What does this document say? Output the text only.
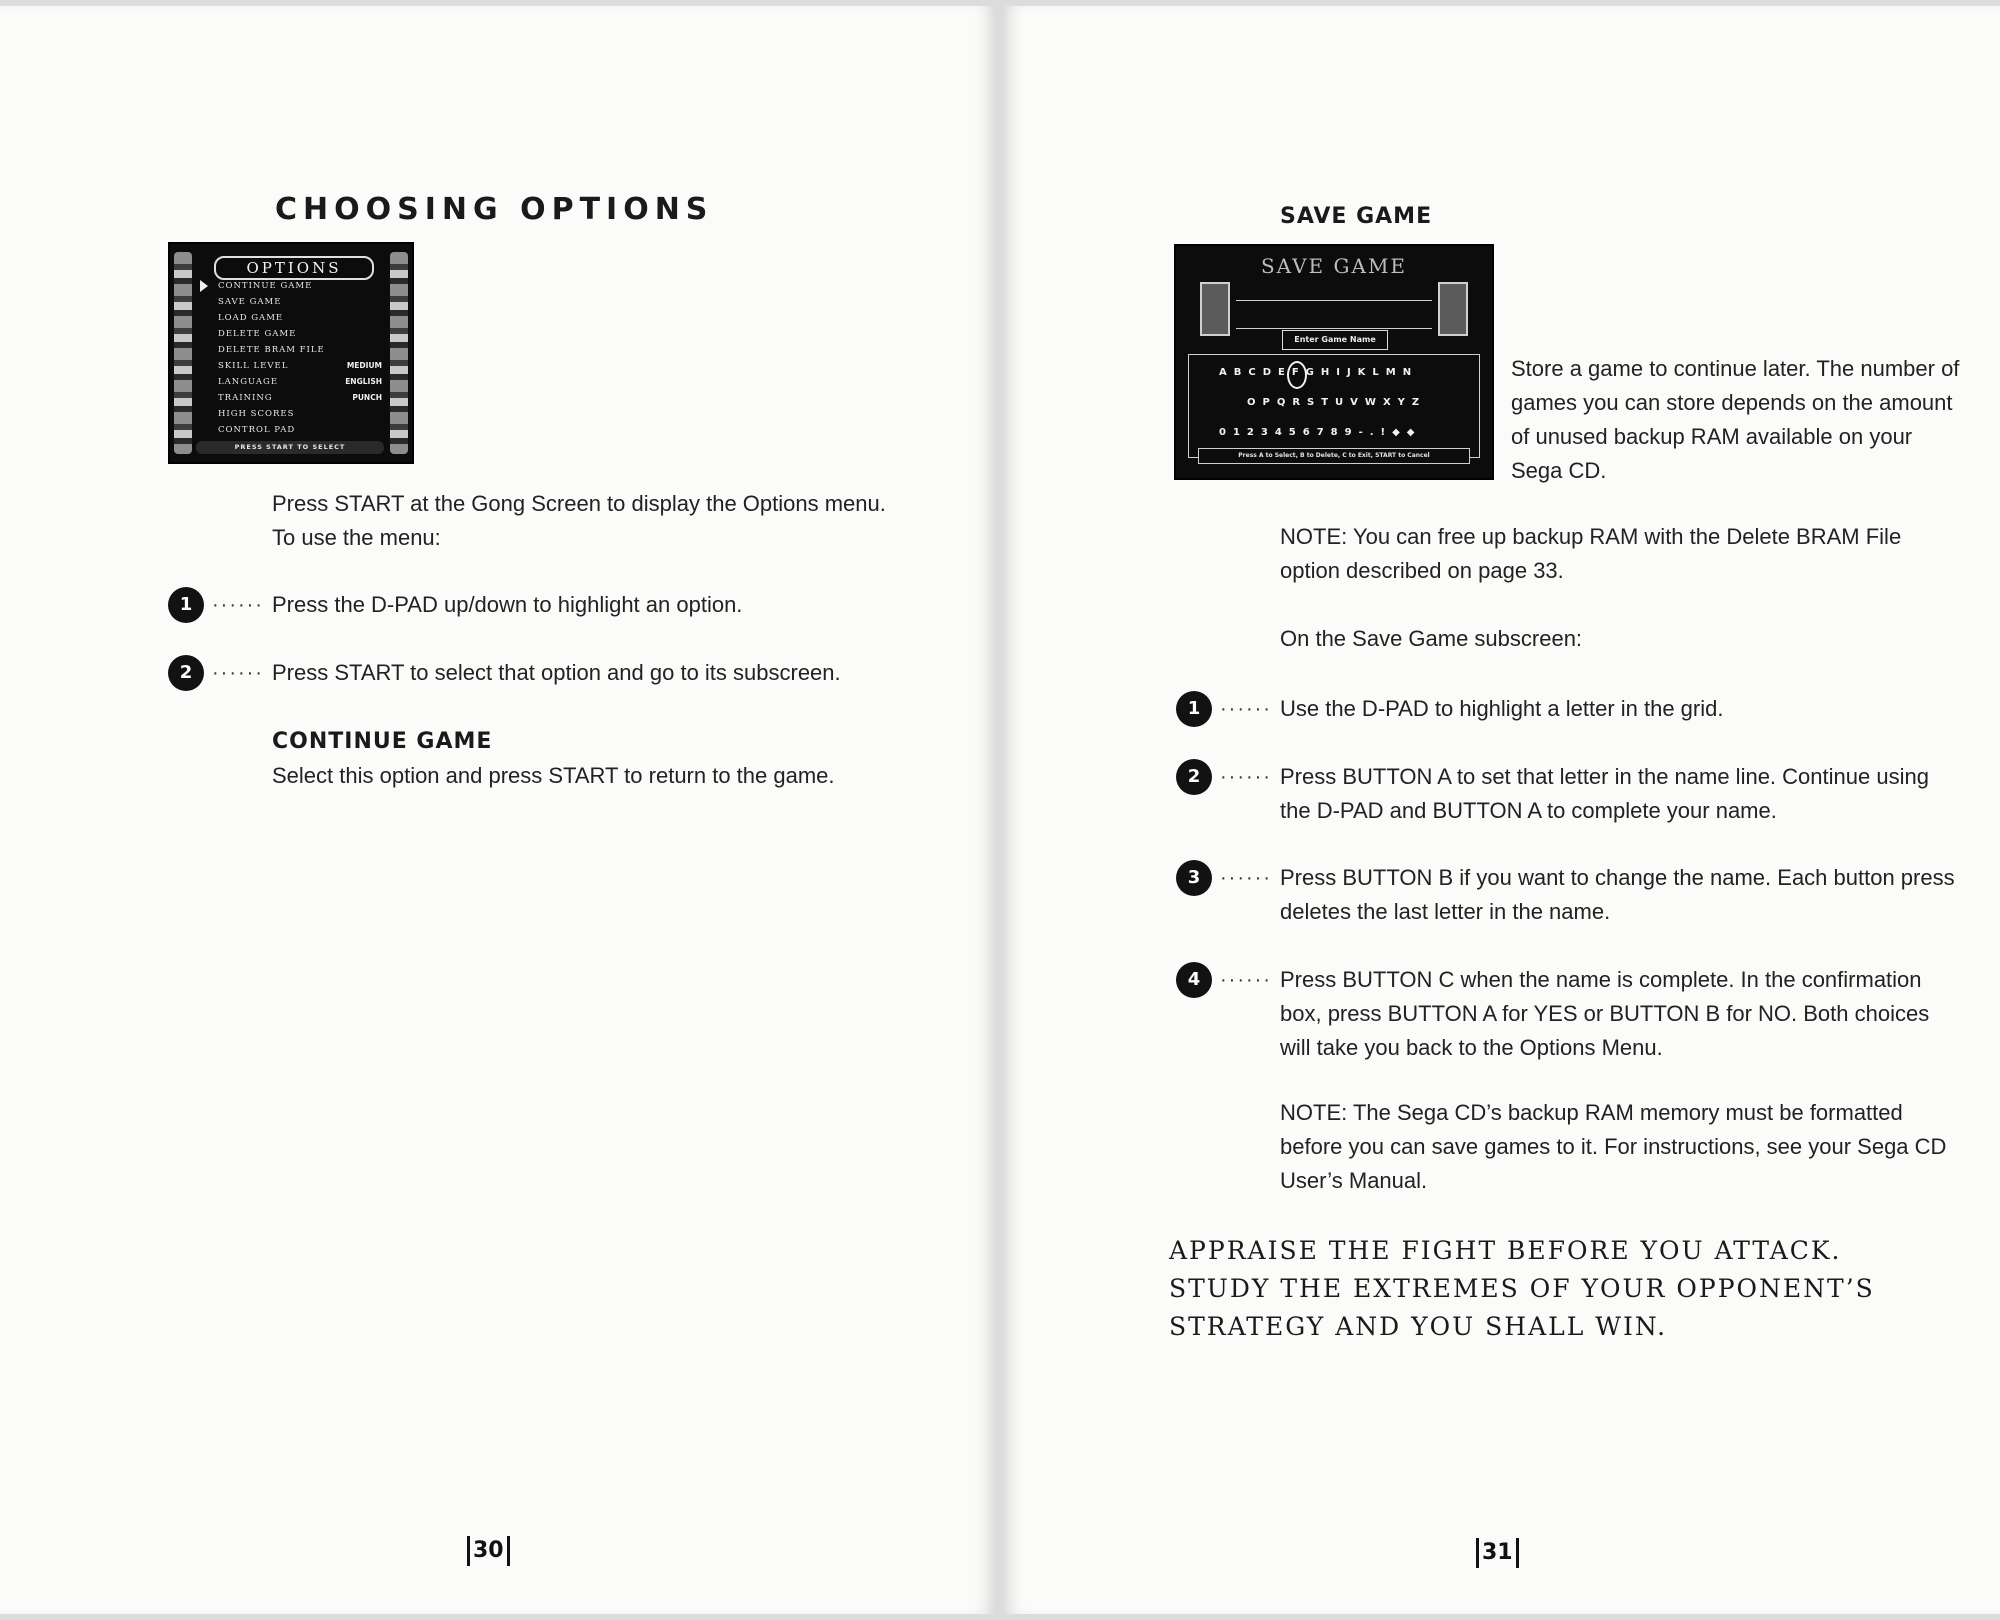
CHOOSING OPTIONS
OPTIONS
CONTINUE GAME
SAVE GAME
LOAD GAME
DELETE GAME
DELETE BRAM FILE
SKILL LEVEL
LANGUAGE
TRAINING
HIGH SCORES
CONTROL PAD
MEDIUM
ENGLISH
PUNCH
PRESS START TO SELECT

Press START at the Gong Screen to display the Options menu.
To use the menu:

1 ······ Press the D-PAD up/down to highlight an option.

2 ······ Press START to select that option and go to its subscreen.

CONTINUE GAME

Select this option and press START to return to the game.

30
SAVE GAME
SAVE GAME
Enter Game Name
ABCDEFGHIJKLMN
OPQRSTUVWXYZ
0123456789-.!◆◆
Press A to Select, B to Delete, C to Exit, START to Cancel

Store a game to continue later. The number of games you can store depends on the amount of unused backup RAM available on your Sega CD.

NOTE: You can free up backup RAM with the Delete BRAM File option described on page 33.

On the Save Game subscreen:

1 ······ Use the D-PAD to highlight a letter in the grid.

2 ······ Press BUTTON A to set that letter in the name line. Continue using the D-PAD and BUTTON A to complete your name.

3 ······ Press BUTTON B if you want to change the name. Each button press deletes the last letter in the name.

4 ······ Press BUTTON C when the name is complete. In the confirmation box, press BUTTON A for YES or BUTTON B for NO. Both choices will take you back to the Options Menu.

NOTE: The Sega CD’s backup RAM memory must be formatted before you can save games to it. For instructions, see your Sega CD User’s Manual.

APPRAISE THE FIGHT BEFORE YOU ATTACK. STUDY THE EXTREMES OF YOUR OPPONENT’S STRATEGY AND YOU SHALL WIN.

31
